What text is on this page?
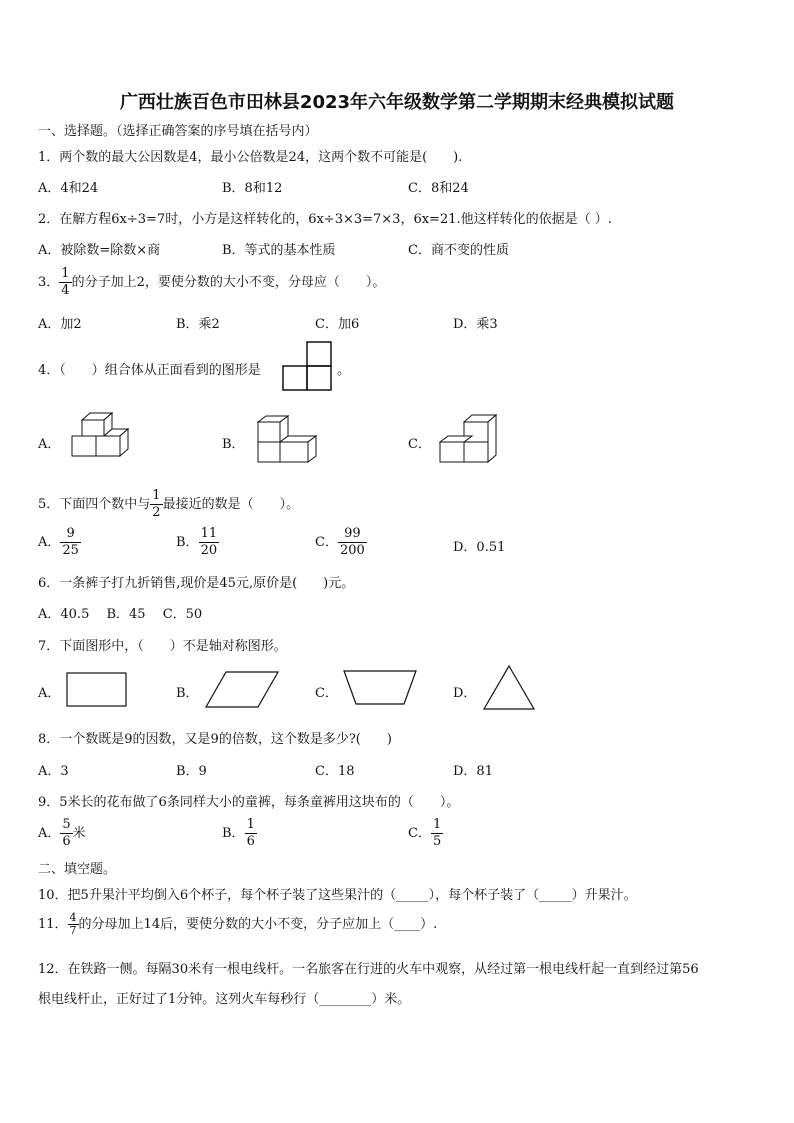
广西壮族百色市田林县2023年六年级数学第二学期期末经典模拟试题
一、选择题。（选择正确答案的序号填在括号内）
1．两个数的最大公因数是4，最小公倍数是24，这两个数不可能是(　　).
A．4和24	B．8和12	C．8和24
2．在解方程6x÷3=7时，小方是这样转化的，6x÷3×3=7×3，6x=21.他这样转化的依据是（ ）.
A．被除数=除数×商	B．等式的基本性质	C．商不变的性质
3． $\frac{1}{4}$ 的分子加上2，要使分数的大小不变，分母应（　　）。
A．加2	B．乘2	C．加6	D．乘3
4．（　　）组合体从正面看到的图形是	。
A．	B．	C．
5．下面四个数中与 $\frac{1}{2}$ 最接近的数是（　　）。
A． $\frac{9}{25}$	B． $\frac{11}{20}$	C． $\frac{99}{200}$	D．0.51
6．一条裤子打九折销售,现价是45元,原价是(　　)元。
A．40.5　 B．45　 C．50
7．下面图形中，（　　）不是轴对称图形。
A．	B．	C．	D．
8．一个数既是9的因数，又是9的倍数，这个数是多少?(　　)
A．3	B．9	C．18	D．81
9．5米长的花布做了6条同样大小的童裤，每条童裤用这块布的（　　）。
A． $\frac{5}{6}$ 米	B． $\frac{1}{6}$	C． $\frac{1}{5}$
二、填空题。
10．把5升果汁平均倒入6个杯子，每个杯子装了这些果汁的（_____），每个杯子装了（_____）升果汁。
11． $\frac{4}{7}$ 的分母加上14后，要使分数的大小不变，分子应加上（____）.
12．在铁路一侧。每隔30米有一根电线杆。一名旅客在行进的火车中观察，从经过第一根电线杆起一直到经过第56
根电线杆止，正好过了1分钟。这列火车每秒行（________）米。
